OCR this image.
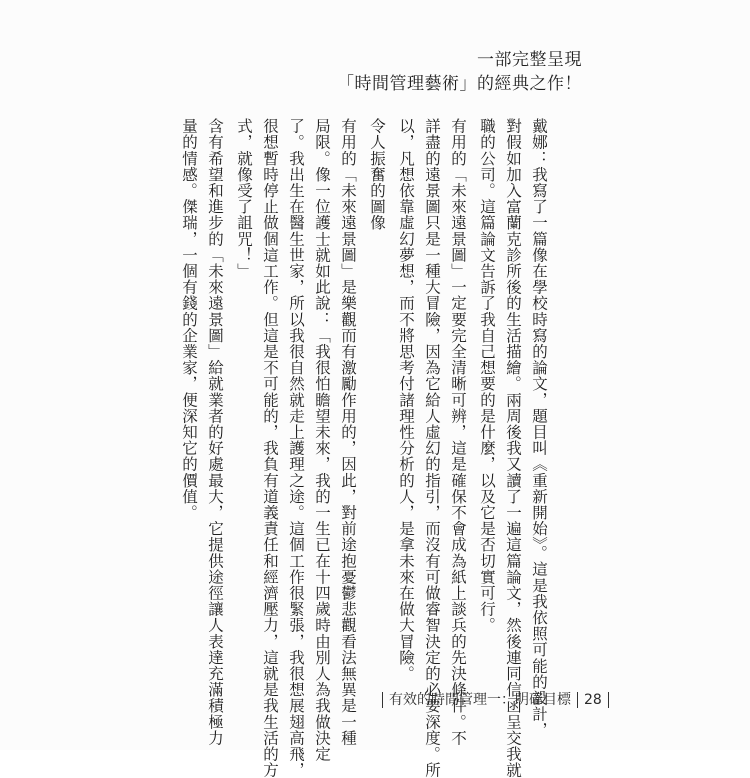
一部完整呈現
「時間管理藝術」的經典之作！
戴娜：我寫了一篇像在學校時寫的論文，題目叫《重新開始》。這是我依照可能的設計，
對假如加入富蘭克診所後的生活描繪。兩周後我又讀了一遍這篇論文，然後連同信函呈交我就
職的公司。這篇論文告訴了我自己想要的是什麼，以及它是否切實可行。
有用的「未來遠景圖」一定要完全清晰可辨，這是確保不會成為紙上談兵的先決條件。不
詳盡的遠景圖只是一種大冒險，因為它給人虛幻的指引，而沒有可做睿智決定的必要深度。所
以，凡想依靠虛幻夢想，而不將思考付諸理性分析的人，是拿未來在做大冒險。
令人振奮的圖像
有用的「未來遠景圖」是樂觀而有激勵作用的，因此，對前途抱憂鬱悲觀看法無異是一種
局限。像一位護士就如此說：「我很怕瞻望未來，我的一生已在十四歲時由別人為我做決定
了。我出生在醫生世家，所以我很自然就走上護理之途。這個工作很緊張，我很想展翅高飛，
很想暫時停止做個這工作。但這是不可能的，我負有道義責任和經濟壓力，這就是我生活的方
式，就像受了詛咒！」
含有希望和進步的「未來遠景圖」給就業者的好處最大，它提供途徑讓人表達充滿積極力
量的情感。傑瑞，一個有錢的企業家，便深知它的價值。
有效的時間管理一：明確目標 28
